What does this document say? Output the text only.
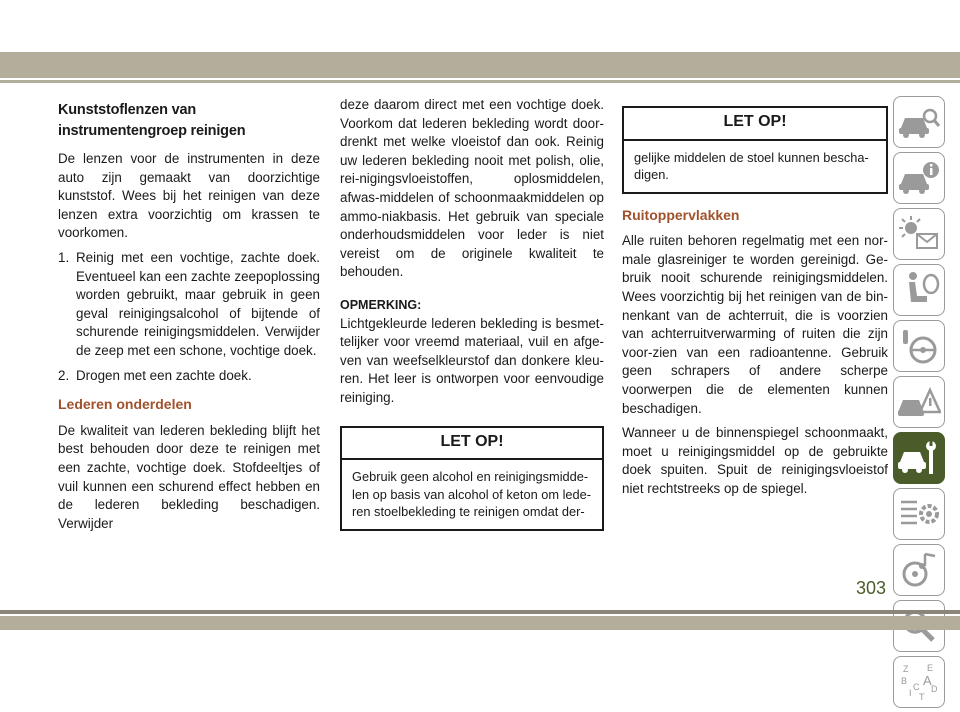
Kunststoflenzen van instrumentengroep reinigen

De lenzen voor de instrumenten in deze auto zijn gemaakt van doorzichtige kunststof. Wees bij het reinigen van deze lenzen extra voorzichtig om krassen te voorkomen.

1. Reinig met een vochtige, zachte doek. Eventueel kan een zachte zeepoplossing worden gebruikt, maar gebruik in geen geval reinigingsalcohol of bijtende of schurende reinigingsmiddelen. Verwijder de zeep met een schone, vochtige doek.
2. Drogen met een zachte doek.
Lederen onderdelen

De kwaliteit van lederen bekleding blijft het best behouden door deze te reinigen met een zachte, vochtige doek. Stofdeeltjes of vuil kunnen een schurend effect hebben en de lederen bekleding beschadigen. Verwijder

deze daarom direct met een vochtige doek. Voorkom dat lederen bekleding wordt door-drenkt met welke vloeistof dan ook. Reinig uw lederen bekleding nooit met polish, olie, rei-nigingsvloeistoffen, oplosmiddelen, afwas-middelen of schoonmaakmiddelen op ammo-niakbasis. Het gebruik van speciale onderhoudsmiddelen voor leder is niet vereist om de originele kwaliteit te behouden.

OPMERKING:

Lichtgekleurde lederen bekleding is besmet-telijker voor vreemd materiaal, vuil en afge-ven van weefselkleurstof dan donkere kleu-ren. Het leer is ontworpen voor eenvoudige reiniging.

LET OP!
Gebruik geen alcohol en reinigingsmidde-len op basis van alcohol of keton om lede-ren stoelbekleding te reinigen omdat der-
LET OP!
gelijke middelen de stoel kunnen bescha-digen.
Ruitoppervlakken

Alle ruiten behoren regelmatig met een nor-male glasreiniger te worden gereinigd. Ge-bruik nooit schurende reinigingsmiddelen. Wees voorzichtig bij het reinigen van de bin-nenkant van de achterruit, die is voorzien van achterruitverwarming of ruiten die zijn voor-zien van een radioantenne. Gebruik geen schrapers of andere scherpe voorwerpen die de elementen kunnen beschadigen.

Wanneer u de binnenspiegel schoonmaakt, moet u reinigingsmiddel op de gebruikte doek spuiten. Spuit de reinigingsvloeistof niet rechtstreeks op de spiegel.

Z E
B A
I D
C
T
303
